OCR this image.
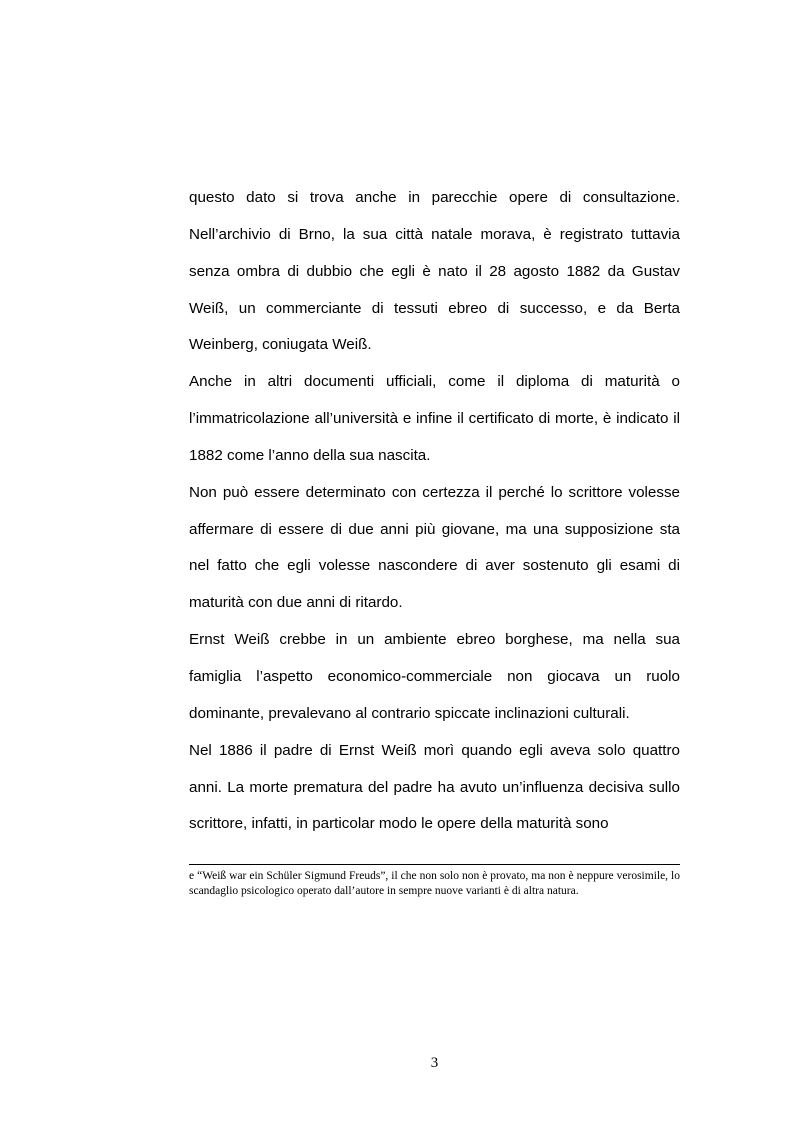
questo dato si trova anche in parecchie opere di consultazione. Nell’archivio di Brno, la sua città natale morava, è registrato tuttavia senza ombra di dubbio che egli è nato il 28 agosto 1882 da Gustav Weiß, un commerciante di tessuti ebreo di successo, e da Berta Weinberg, coniugata Weiß.

Anche in altri documenti ufficiali, come il diploma di maturità o l’immatricolazione all’università e infine il certificato di morte, è indicato il 1882 come l’anno della sua nascita.

Non può essere determinato con certezza il perché lo scrittore volesse affermare di essere di due anni più giovane, ma una supposizione sta nel fatto che egli volesse nascondere di aver sostenuto gli esami di maturità con due anni di ritardo.

Ernst Weiß crebbe in un ambiente ebreo borghese, ma nella sua famiglia l’aspetto economico-commerciale non giocava un ruolo dominante, prevalevano al contrario spiccate inclinazioni culturali.

Nel 1886 il padre di Ernst Weiß morì quando egli aveva solo quattro anni. La morte prematura del padre ha avuto un’influenza decisiva sullo scrittore, infatti, in particolar modo le opere della maturità sono

e “Weiß war ein Schüler Sigmund Freuds”, il che non solo non è provato, ma non è neppure verosimile, lo scandaglio psicologico operato dall’autore in sempre nuove varianti è di altra natura.

3
